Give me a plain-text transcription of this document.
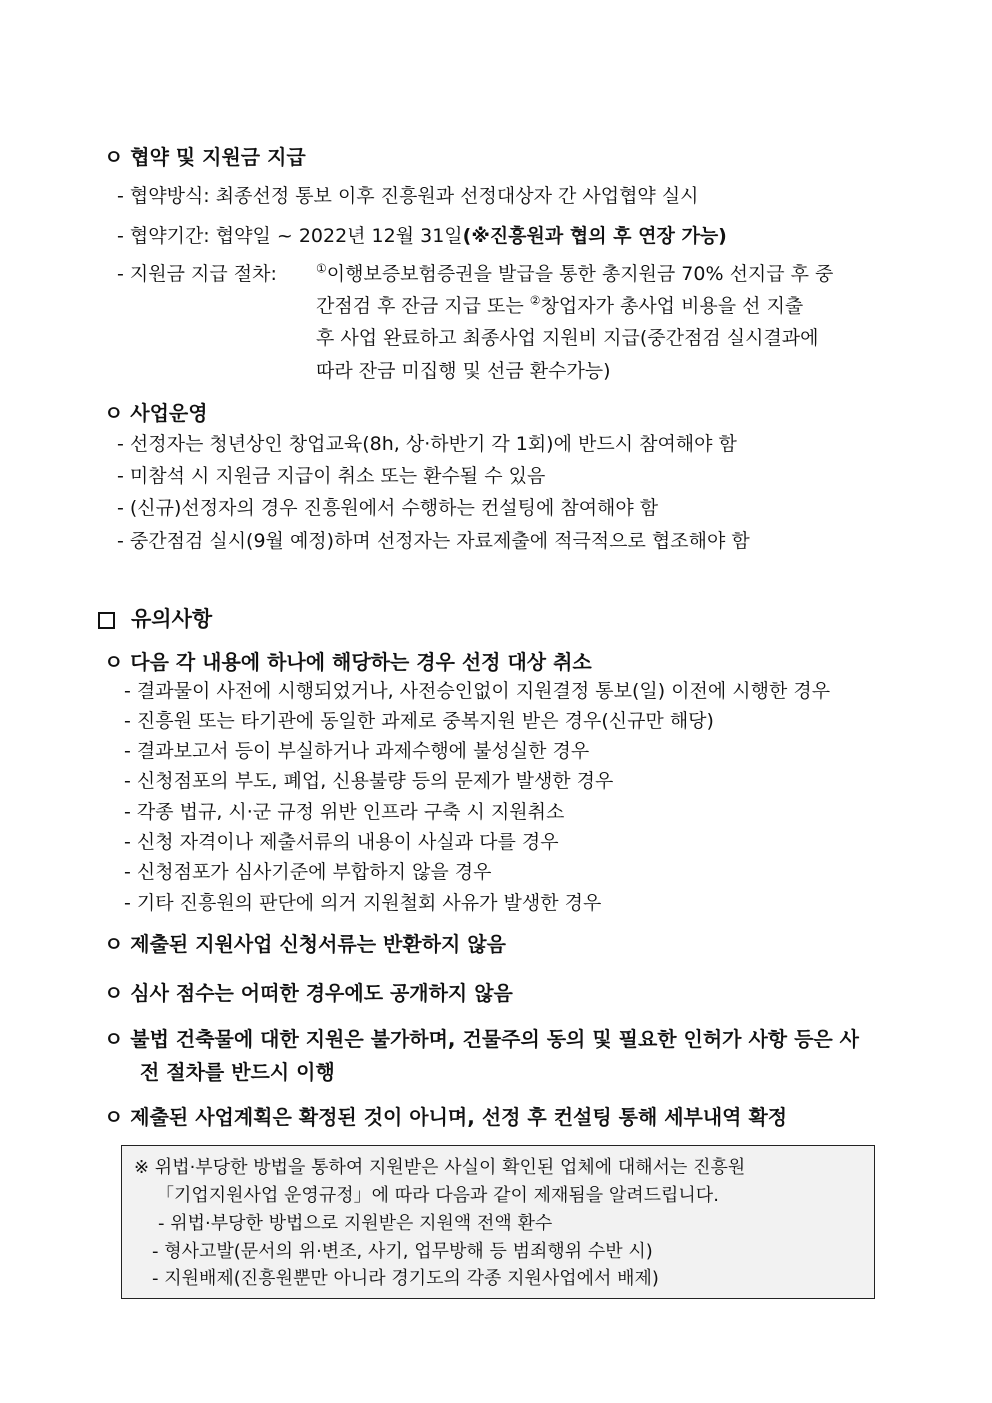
ㅇ 협약 및 지원금 지급
- 협약방식: 최종선정 통보 이후 진흥원과 선정대상자 간 사업협약 실시
- 협약기간: 협약일 ~ 2022년 12월 31일(※진흥원과 협의 후 연장 가능)
- 지원금 지급 절차:	①이행보증보험증권을 발급을 통한 총지원금 70% 선지급 후 중
간점검 후 잔금 지급 또는 ②창업자가 총사업 비용을 선 지출
후 사업 완료하고 최종사업 지원비 지급(중간점검 실시결과에
따라 잔금 미집행 및 선금 환수가능)
ㅇ 사업운영
- 선정자는 청년상인 창업교육(8h, 상·하반기 각 1회)에 반드시 참여해야 함
- 미참석 시 지원금 지급이 취소 또는 환수될 수 있음
- (신규)선정자의 경우 진흥원에서 수행하는 컨설팅에 참여해야 함
- 중간점검 실시(9월 예정)하며 선정자는 자료제출에 적극적으로 협조해야 함
유의사항
ㅇ 다음 각 내용에 하나에 해당하는 경우 선정 대상 취소
- 결과물이 사전에 시행되었거나, 사전승인없이 지원결정 통보(일) 이전에 시행한 경우
- 진흥원 또는 타기관에 동일한 과제로 중복지원 받은 경우(신규만 해당)
- 결과보고서 등이 부실하거나 과제수행에 불성실한 경우
- 신청점포의 부도, 폐업, 신용불량 등의 문제가 발생한 경우
- 각종 법규, 시·군 규정 위반 인프라 구축 시 지원취소
- 신청 자격이나 제출서류의 내용이 사실과 다를 경우
- 신청점포가 심사기준에 부합하지 않을 경우
- 기타 진흥원의 판단에 의거 지원철회 사유가 발생한 경우
ㅇ 제출된 지원사업 신청서류는 반환하지 않음
ㅇ 심사 점수는 어떠한 경우에도 공개하지 않음
ㅇ 불법 건축물에 대한 지원은 불가하며, 건물주의 동의 및 필요한 인허가 사항 등은 사
전 절차를 반드시 이행
ㅇ 제출된 사업계획은 확정된 것이 아니며, 선정 후 컨설팅 통해 세부내역 확정
※ 위법·부당한 방법을 통하여 지원받은 사실이 확인된 업체에 대해서는 진흥원
「기업지원사업 운영규정」에 따라 다음과 같이 제재됨을 알려드립니다.
- 위법·부당한 방법으로 지원받은 지원액 전액 환수
- 형사고발(문서의 위·변조, 사기, 업무방해 등 범죄행위 수반 시)
- 지원배제(진흥원뿐만 아니라 경기도의 각종 지원사업에서 배제)
